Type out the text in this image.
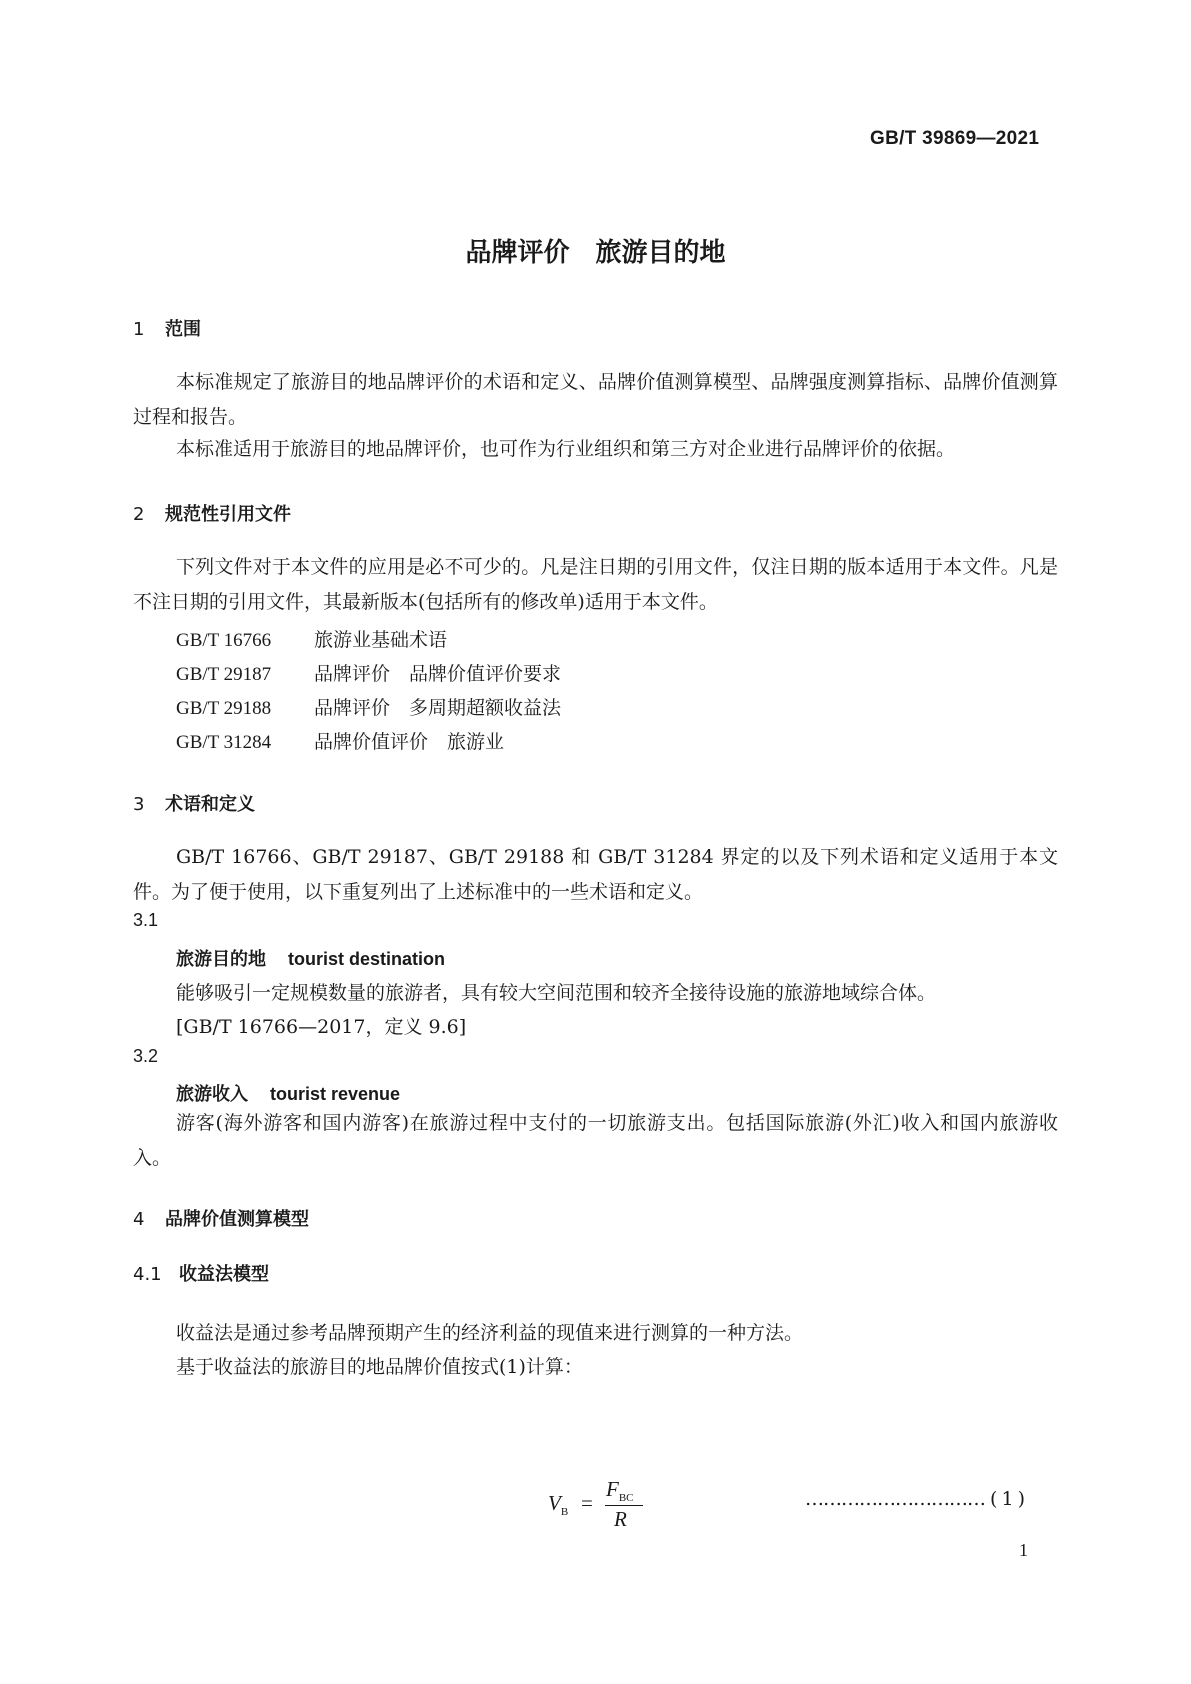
GB/T 39869—2021
品牌评价　旅游目的地
1 范围
本标准规定了旅游目的地品牌评价的术语和定义、品牌价值测算模型、品牌强度测算指标、品牌价值测算过程和报告。
本标准适用于旅游目的地品牌评价，也可作为行业组织和第三方对企业进行品牌评价的依据。
2 规范性引用文件
下列文件对于本文件的应用是必不可少的。凡是注日期的引用文件，仅注日期的版本适用于本文件。凡是不注日期的引用文件，其最新版本(包括所有的修改单)适用于本文件。
GB/T 16766 旅游业基础术语
GB/T 29187 品牌评价　品牌价值评价要求
GB/T 29188 品牌评价　多周期超额收益法
GB/T 31284 品牌价值评价　旅游业
3 术语和定义
GB/T 16766、GB/T 29187、GB/T 29188 和 GB/T 31284 界定的以及下列术语和定义适用于本文件。为了便于使用，以下重复列出了上述标准中的一些术语和定义。
3.1
旅游目的地 tourist destination
能够吸引一定规模数量的旅游者，具有较大空间范围和较齐全接待设施的旅游地域综合体。
[GB/T 16766—2017，定义 9.6]
3.2
旅游收入 tourist revenue
游客(海外游客和国内游客)在旅游过程中支付的一切旅游支出。包括国际旅游(外汇)收入和国内旅游收入。
4 品牌价值测算模型
4.1 收益法模型
收益法是通过参考品牌预期产生的经济利益的现值来进行测算的一种方法。
基于收益法的旅游目的地品牌价值按式(1)计算：
$V_B$ =
$F_{BC}$
R
………………………… ( 1 )
1
